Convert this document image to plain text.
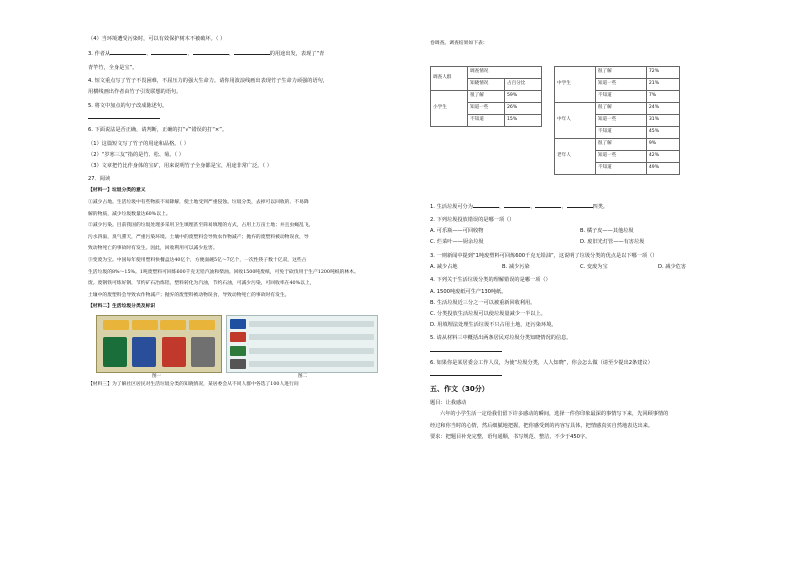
（4）当环境遭受污染时，可以有效保护树木不被破坏。（ ）
3. 作者从	、	、	、	的用途出发，表现了“青
青竿竹，全身是宝”。
4. 短文重点写了竹子不畏困难，不屈压力的强大生命力。请你用波浪线画出表现竹子生命力顽强的语句，
用横线画出作者由竹子引发联想的语句。
5. 将文中加点的句子改成陈述句。
6. 下面说法是否正确，请判断，正确的打“√”错误的打“×”。
（1）这篇短文写了竹子的用途和品格。（ ）
（2）“岁寒三友”指的是竹、松、菊。（ ）
（3）文章把竹比作身体的宝矿，用来说明竹子全身都是宝，用途非常广泛。（ ）
27．阅读
【材料一】垃圾分类的意义
①减少占地。生活垃圾中有些物质不易降解，使土地受到严重侵蚀。垃圾分类，去掉可以回收的、不易降
解的物质，减少垃圾数量达60%以上。
②减少污染。目前我国的垃圾处理多采用卫生填埋甚至简易填埋的方式，占用上万亩土地；并且虫蝇乱飞，
污水四溢，臭气熏天，严重污染环境。土壤中的废塑料会导致农作物减产；抛弃的废塑料被动物误食，导
致动物死亡的事故时有发生。因此，回收利用可以减少危害。
③变废为宝。中国每年使用塑料快餐盒达40亿个，方便面碗5亿～7亿个，一次性筷子数十亿双，这些占
生活垃圾的8%～15%。1吨废塑料可回炼600千克无铅汽油和柴油。回收1500吨废纸，可免于砍伐用于生产1200吨纸的林木。
废。废钢铁可炼好钢，节约矿石冶炼铝，塑料转化为汽油，节约石油，可减少污染，可回收率在40%以上，
土壤中的废塑料会导致农作物减产；抛弃的废塑料被动物误食，导致动物死亡的事故时有发生。
【材料二】生活垃圾分类及标识
图一	图二
【材料三】为了解社区居民对生活垃圾分类的知晓情况，某居委会从不同人群中各选了100人进行问
卷调查。调查结果如下表：
调查人群	调查情况	
	知晓情况	占百分比
小学生	很了解	59%
	知道一些	26%
	不知道	15%
中学生	很了解	72%
	知道一些	21%
	不知道	7%
中年人	很了解	24%
	知道一些	31%
	不知道	45%
老年人	很了解	9%
	知道一些	42%
	不知道	49%
1. 生活垃圾可分为	、	、	、	四类。
2. 下列垃圾投放错误的是哪一项（）
A. 可乐瓶——可回收物	B. 橘子皮——其他垃圾
C. 烂菜叶——厨余垃圾	D. 废旧光灯管——有害垃圾
3. 一则新闻中提到“1吨废塑料可回炼600千克无铅油”，这说明了垃圾分类的优点是以下哪一项（）
A. 减少占地	B. 减少污染	C. 变废为宝	D. 减少危害
4. 下列关于生活垃圾分类的理解错误的是哪一项（）
A. 1500吨废纸可生产130吨纸。
B. 生活垃圾近三分之一可以被重新回收利用。
C. 分类投放生活垃圾可以使垃圾量减少一半以上。
D. 用填埋法处理生活垃圾不只占用土地，还污染环境。
5. 请从材料三中概括出两条居民对垃圾分类知晓情况的信息。
6. 如果你是某居委会工作人员，为使“垃圾分类，人人知晓”，你会怎么做（请至少提出2条建议）
五、作文（30分）
题目：让我感动
六年的小学生活一定给我们留下许多感动的瞬间，选择一件你印象最深的事情写下来，先回顾事情的
经过和你当时的心情，然后细腻地把握，把你感受到的内容写具体，把情感真实自然地表达出来。
要求：把题目补充完整，语句通顺，书写规范、整洁，不少于450字。
